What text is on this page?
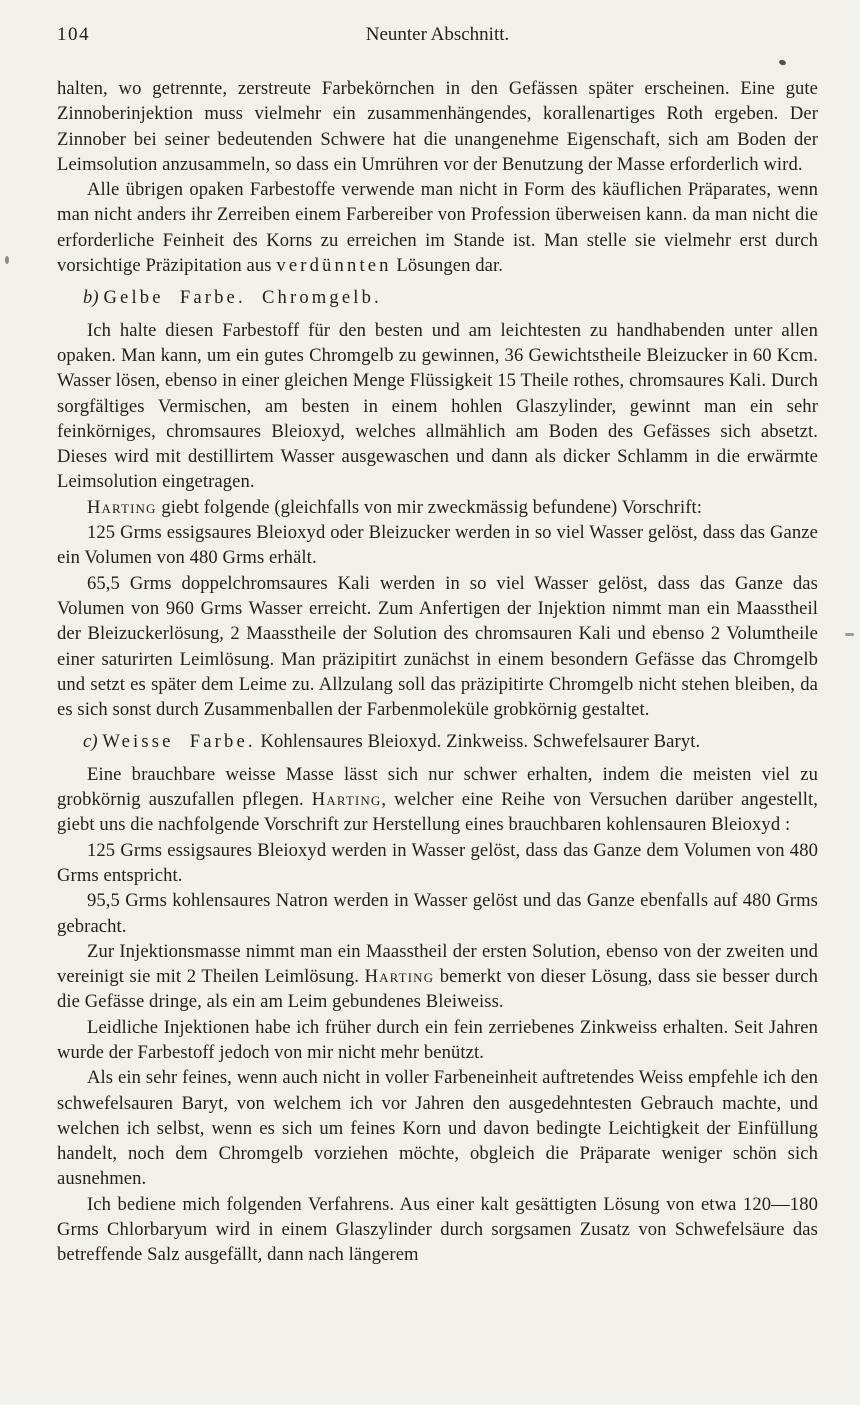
104	Neunter Abschnitt.

halten, wo getrennte, zerstreute Farbekörnchen in den Gefässen später erscheinen. Eine gute Zinnoberinjektion muss vielmehr ein zusammenhängendes, korallenartiges Roth ergeben. Der Zinnober bei seiner bedeutenden Schwere hat die unangenehme Eigenschaft, sich am Boden der Leimsolution anzusammeln, so dass ein Umrühren vor der Benutzung der Masse erforderlich wird.

Alle übrigen opaken Farbestoffe verwende man nicht in Form des käuflichen Präparates, wenn man nicht anders ihr Zerreiben einem Farbereiber von Profession überweisen kann. da man nicht die erforderliche Feinheit des Korns zu erreichen im Stande ist. Man stelle sie vielmehr erst durch vorsichtige Präzipitation aus verdünnten Lösungen dar.

b) Gelbe Farbe. Chromgelb.

Ich halte diesen Farbestoff für den besten und am leichtesten zu handhabenden unter allen opaken. Man kann, um ein gutes Chromgelb zu gewinnen, 36 Gewichtstheile Bleizucker in 60 Kcm. Wasser lösen, ebenso in einer gleichen Menge Flüssigkeit 15 Theile rothes, chromsaures Kali. Durch sorgfältiges Vermischen, am besten in einem hohlen Glaszylinder, gewinnt man ein sehr feinkörniges, chromsaures Bleioxyd, welches allmählich am Boden des Gefässes sich absetzt. Dieses wird mit destillirtem Wasser ausgewaschen und dann als dicker Schlamm in die erwärmte Leimsolution eingetragen.

Harting giebt folgende (gleichfalls von mir zweckmässig befundene) Vorschrift:

125 Grms essigsaures Bleioxyd oder Bleizucker werden in so viel Wasser gelöst, dass das Ganze ein Volumen von 480 Grms erhält.

65,5 Grms doppelchromsaures Kali werden in so viel Wasser gelöst, dass das Ganze das Volumen von 960 Grms Wasser erreicht. Zum Anfertigen der Injektion nimmt man ein Maasstheil der Bleizuckerlösung, 2 Maasstheile der Solution des chromsauren Kali und ebenso 2 Volumtheile einer saturirten Leimlösung. Man präzipitirt zunächst in einem besondern Gefässe das Chromgelb und setzt es später dem Leime zu. Allzulang soll das präzipitirte Chromgelb nicht stehen bleiben, da es sich sonst durch Zusammenballen der Farbenmoleküle grobkörnig gestaltet.

c) Weisse Farbe. Kohlensaures Bleioxyd. Zinkweiss. Schwefelsaurer Baryt.

Eine brauchbare weisse Masse lässt sich nur schwer erhalten, indem die meisten viel zu grobkörnig auszufallen pflegen. Harting, welcher eine Reihe von Versuchen darüber angestellt, giebt uns die nachfolgende Vorschrift zur Herstellung eines brauchbaren kohlensauren Bleioxyd :

125 Grms essigsaures Bleioxyd werden in Wasser gelöst, dass das Ganze dem Volumen von 480 Grms entspricht.

95,5 Grms kohlensaures Natron werden in Wasser gelöst und das Ganze ebenfalls auf 480 Grms gebracht.

Zur Injektionsmasse nimmt man ein Maasstheil der ersten Solution, ebenso von der zweiten und vereinigt sie mit 2 Theilen Leimlösung. Harting bemerkt von dieser Lösung, dass sie besser durch die Gefässe dringe, als ein am Leim gebundenes Bleiweiss.

Leidliche Injektionen habe ich früher durch ein fein zerriebenes Zinkweiss erhalten. Seit Jahren wurde der Farbestoff jedoch von mir nicht mehr benützt.

Als ein sehr feines, wenn auch nicht in voller Farbeneinheit auftretendes Weiss empfehle ich den schwefelsauren Baryt, von welchem ich vor Jahren den ausgedehntesten Gebrauch machte, und welchen ich selbst, wenn es sich um feines Korn und davon bedingte Leichtigkeit der Einfüllung handelt, noch dem Chromgelb vorziehen möchte, obgleich die Präparate weniger schön sich ausnehmen.

Ich bediene mich folgenden Verfahrens. Aus einer kalt gesättigten Lösung von etwa 120—180 Grms Chlorbaryum wird in einem Glaszylinder durch sorgsamen Zusatz von Schwefelsäure das betreffende Salz ausgefällt, dann nach längerem
